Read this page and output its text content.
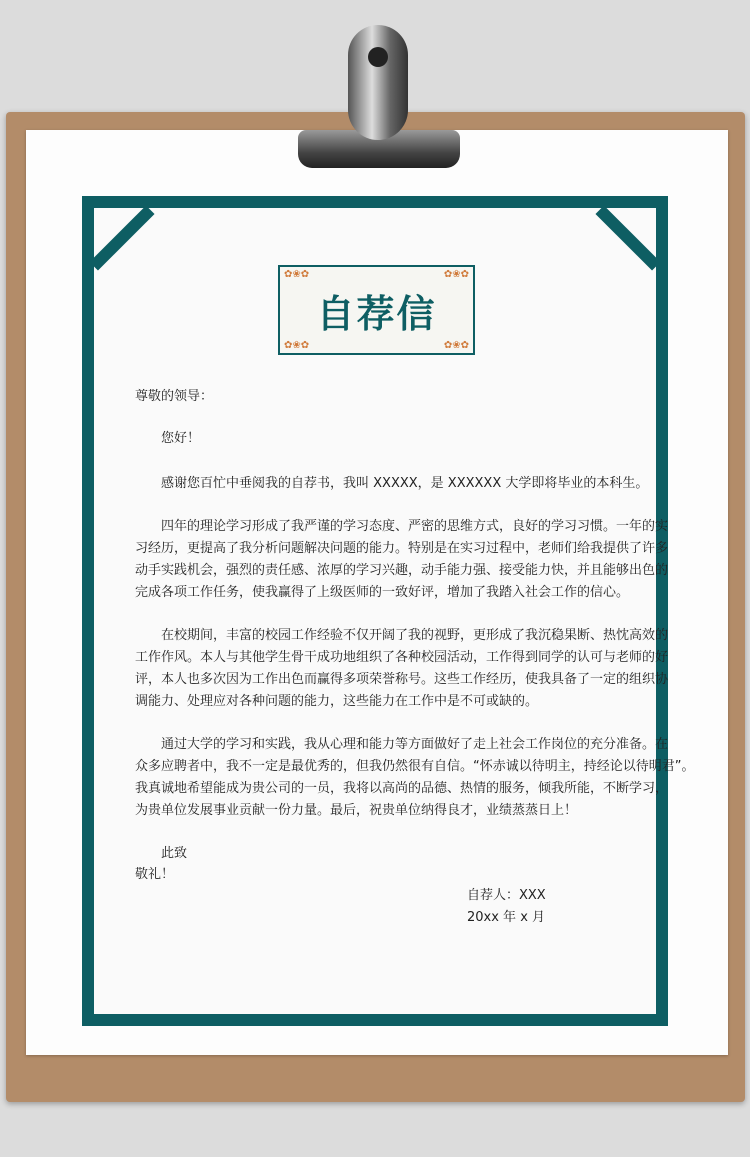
✿❀✿	✿❀✿
✿❀✿	✿❀✿
自荐信
尊敬的领导：
您好！
感谢您百忙中垂阅我的自荐书，我叫 XXXXX，是 XXXXXX 大学即将毕业的本科生。
四年的理论学习形成了我严谨的学习态度、严密的思维方式，良好的学习习惯。一年的实
习经历，更提高了我分析问题解决问题的能力。特别是在实习过程中，老师们给我提供了许多
动手实践机会，强烈的责任感、浓厚的学习兴趣，动手能力强、接受能力快，并且能够出色的
完成各项工作任务，使我赢得了上级医师的一致好评，增加了我踏入社会工作的信心。
在校期间，丰富的校园工作经验不仅开阔了我的视野，更形成了我沉稳果断、热忱高效的
工作作风。本人与其他学生骨干成功地组织了各种校园活动，工作得到同学的认可与老师的好
评，本人也多次因为工作出色而赢得多项荣誉称号。这些工作经历，使我具备了一定的组织协
调能力、处理应对各种问题的能力，这些能力在工作中是不可或缺的。
通过大学的学习和实践，我从心理和能力等方面做好了走上社会工作岗位的充分准备。在
众多应聘者中，我不一定是最优秀的，但我仍然很有自信。“怀赤诚以待明主，持经论以待明君”。
我真诚地希望能成为贵公司的一员，我将以高尚的品德、热情的服务，倾我所能，不断学习，
为贵单位发展事业贡献一份力量。最后，祝贵单位纳得良才，业绩蒸蒸日上！
此致
敬礼！
自荐人：XXX
20xx 年 x 月
